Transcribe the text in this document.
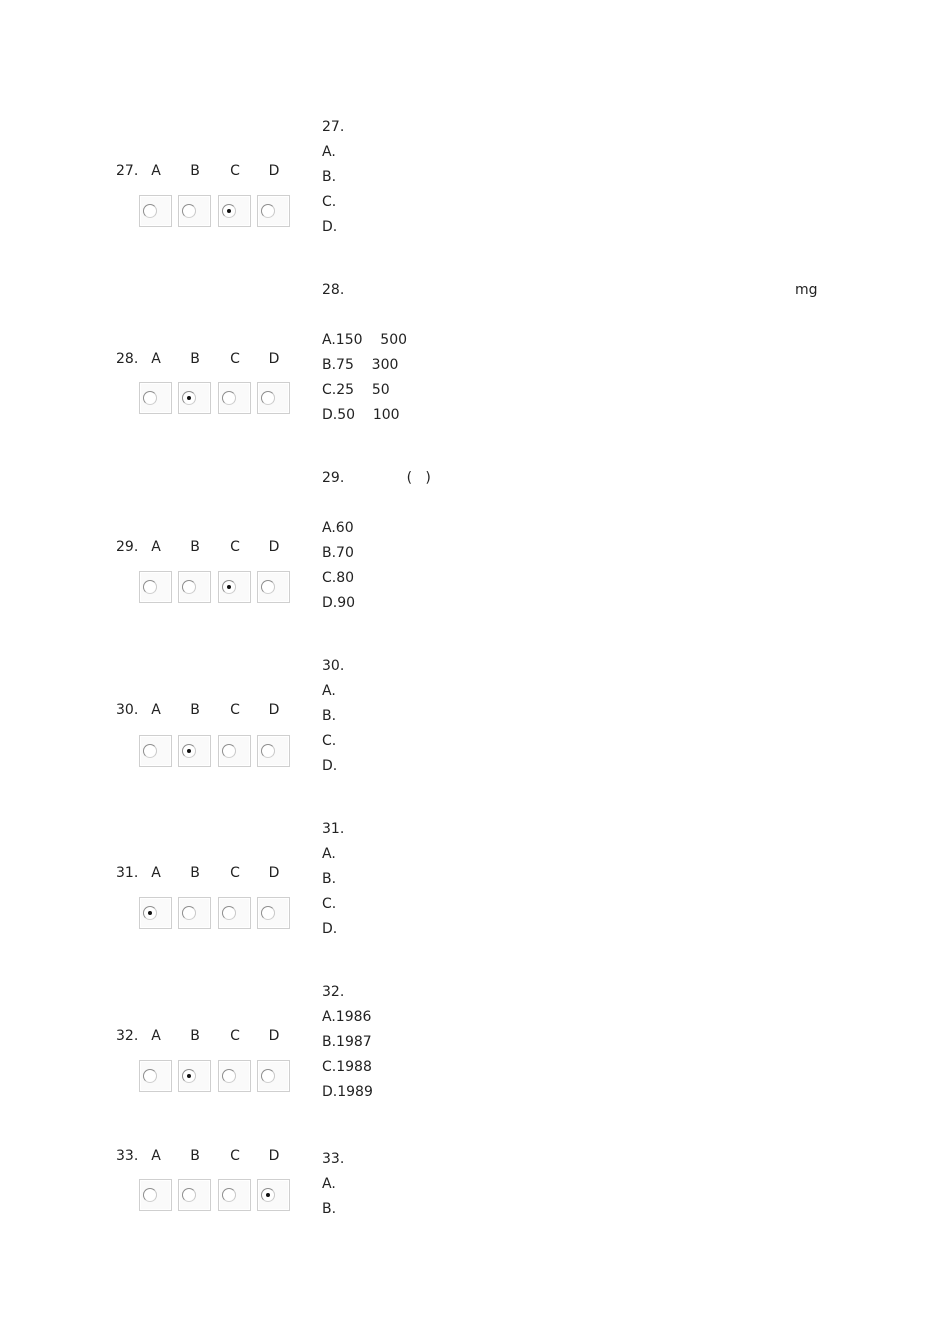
27. A B C D
27.
A.
B.
C.
D.
28. A B C D
28.
A.150    500
B.75    300
C.25    50
D.50    100
mg
29. A B C D
29.              (   )
A.60
B.70
C.80
D.90
30. A B C D
30.
A.
B.
C.
D.
31. A B C D
31.
A.
B.
C.
D.
32. A B C D
32.
A.1986
B.1987
C.1988
D.1989
33. A B C D	33.
A.
B.
